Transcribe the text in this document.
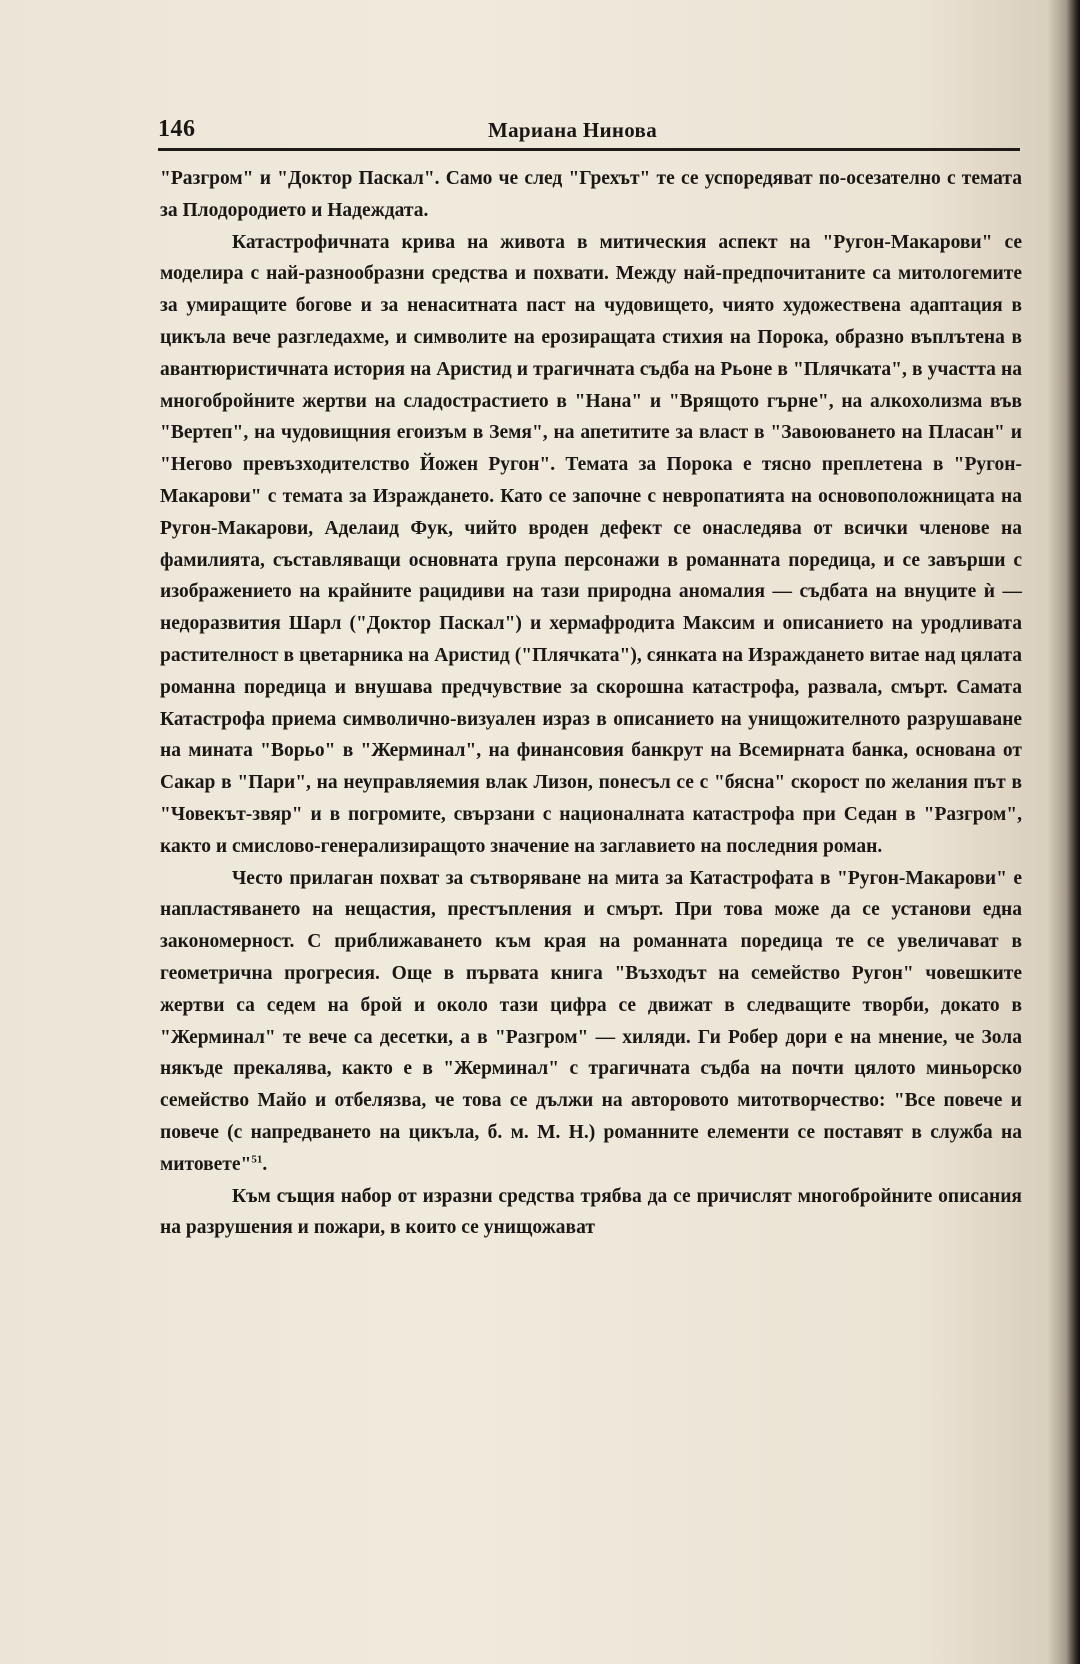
146	Мариана Нинова

"Разгром" и "Доктор Паскал". Само че след "Грехът" те се успоредяват по-осезателно с темата за Плодородието и Надеждата.

Катастрофичната крива на живота в митическия аспект на "Ругон-Макарови" се моделира с най-разнообразни средства и похвати. Между най-предпочитаните са митологемите за умиращите богове и за ненаситната паст на чудовището, чиято художествена адаптация в цикъла вече разгледахме, и символите на ерозиращата стихия на Порока, образно въплътена в авантюристичната история на Аристид и трагичната съдба на Рьоне в "Плячката", в участта на многобройните жертви на сладострастието в "Нана" и "Врящото гърне", на алкохолизма във "Вертеп", на чудовищния егоизъм в Земя", на апетитите за власт в "Завоюването на Пласан" и "Негово превъзходителство Йожен Ругон". Темата за Порока е тясно преплетена в "Ругон-Макарови" с темата за Израждането. Като се започне с невропатията на основоположницата на Ругон-Макарови, Аделаид Фук, чийто вроден дефект се онаследява от всички членове на фамилията, съставляващи основната група персонажи в романната поредица, и се завърши с изображението на крайните рацидиви на тази природна аномалия — съдбата на внуците ѝ — недоразвития Шарл ("Доктор Паскал") и хермафродита Максим и описанието на уродливата растителност в цветарника на Аристид ("Плячката"), сянката на Израждането витае над цялата романна поредица и внушава предчувствие за скорошна катастрофа, развала, смърт. Самата Катастрофа приема символично-визуален израз в описанието на унищожителното разрушаване на мината "Ворьо" в "Жерминал", на финансовия банкрут на Всемирната банка, основана от Сакар в "Пари", на неуправляемия влак Лизон, понесъл се с "бясна" скорост по желания път в "Човекът-звяр" и в погромите, свързани с националната катастрофа при Седан в "Разгром", както и смислово-генерализиращото значение на заглавието на последния роман.

Често прилаган похват за сътворяване на мита за Катастрофата в "Ругон-Макарови" е напластяването на нещастия, престъпления и смърт. При това може да се установи една закономерност. С приближаването към края на романната поредица те се увеличават в геометрична прогресия. Още в първата книга "Възходът на семейство Ругон" човешките жертви са седем на брой и около тази цифра се движат в следващите творби, докато в "Жерминал" те вече са десетки, а в "Разгром" — хиляди. Ги Робер дори е на мнение, че Зола някъде прекалява, както е в "Жерминал" с трагичната съдба на почти цялото миньорско семейство Майо и отбелязва, че това се дължи на авторовото митотворчество: "Все повече и повече (с напредването на цикъла, б. м. М. Н.) романните елементи се поставят в служба на митовете"$^{51}$.

Към същия набор от изразни средства трябва да се причислят многобройните описания на разрушения и пожари, в които се унищожават
